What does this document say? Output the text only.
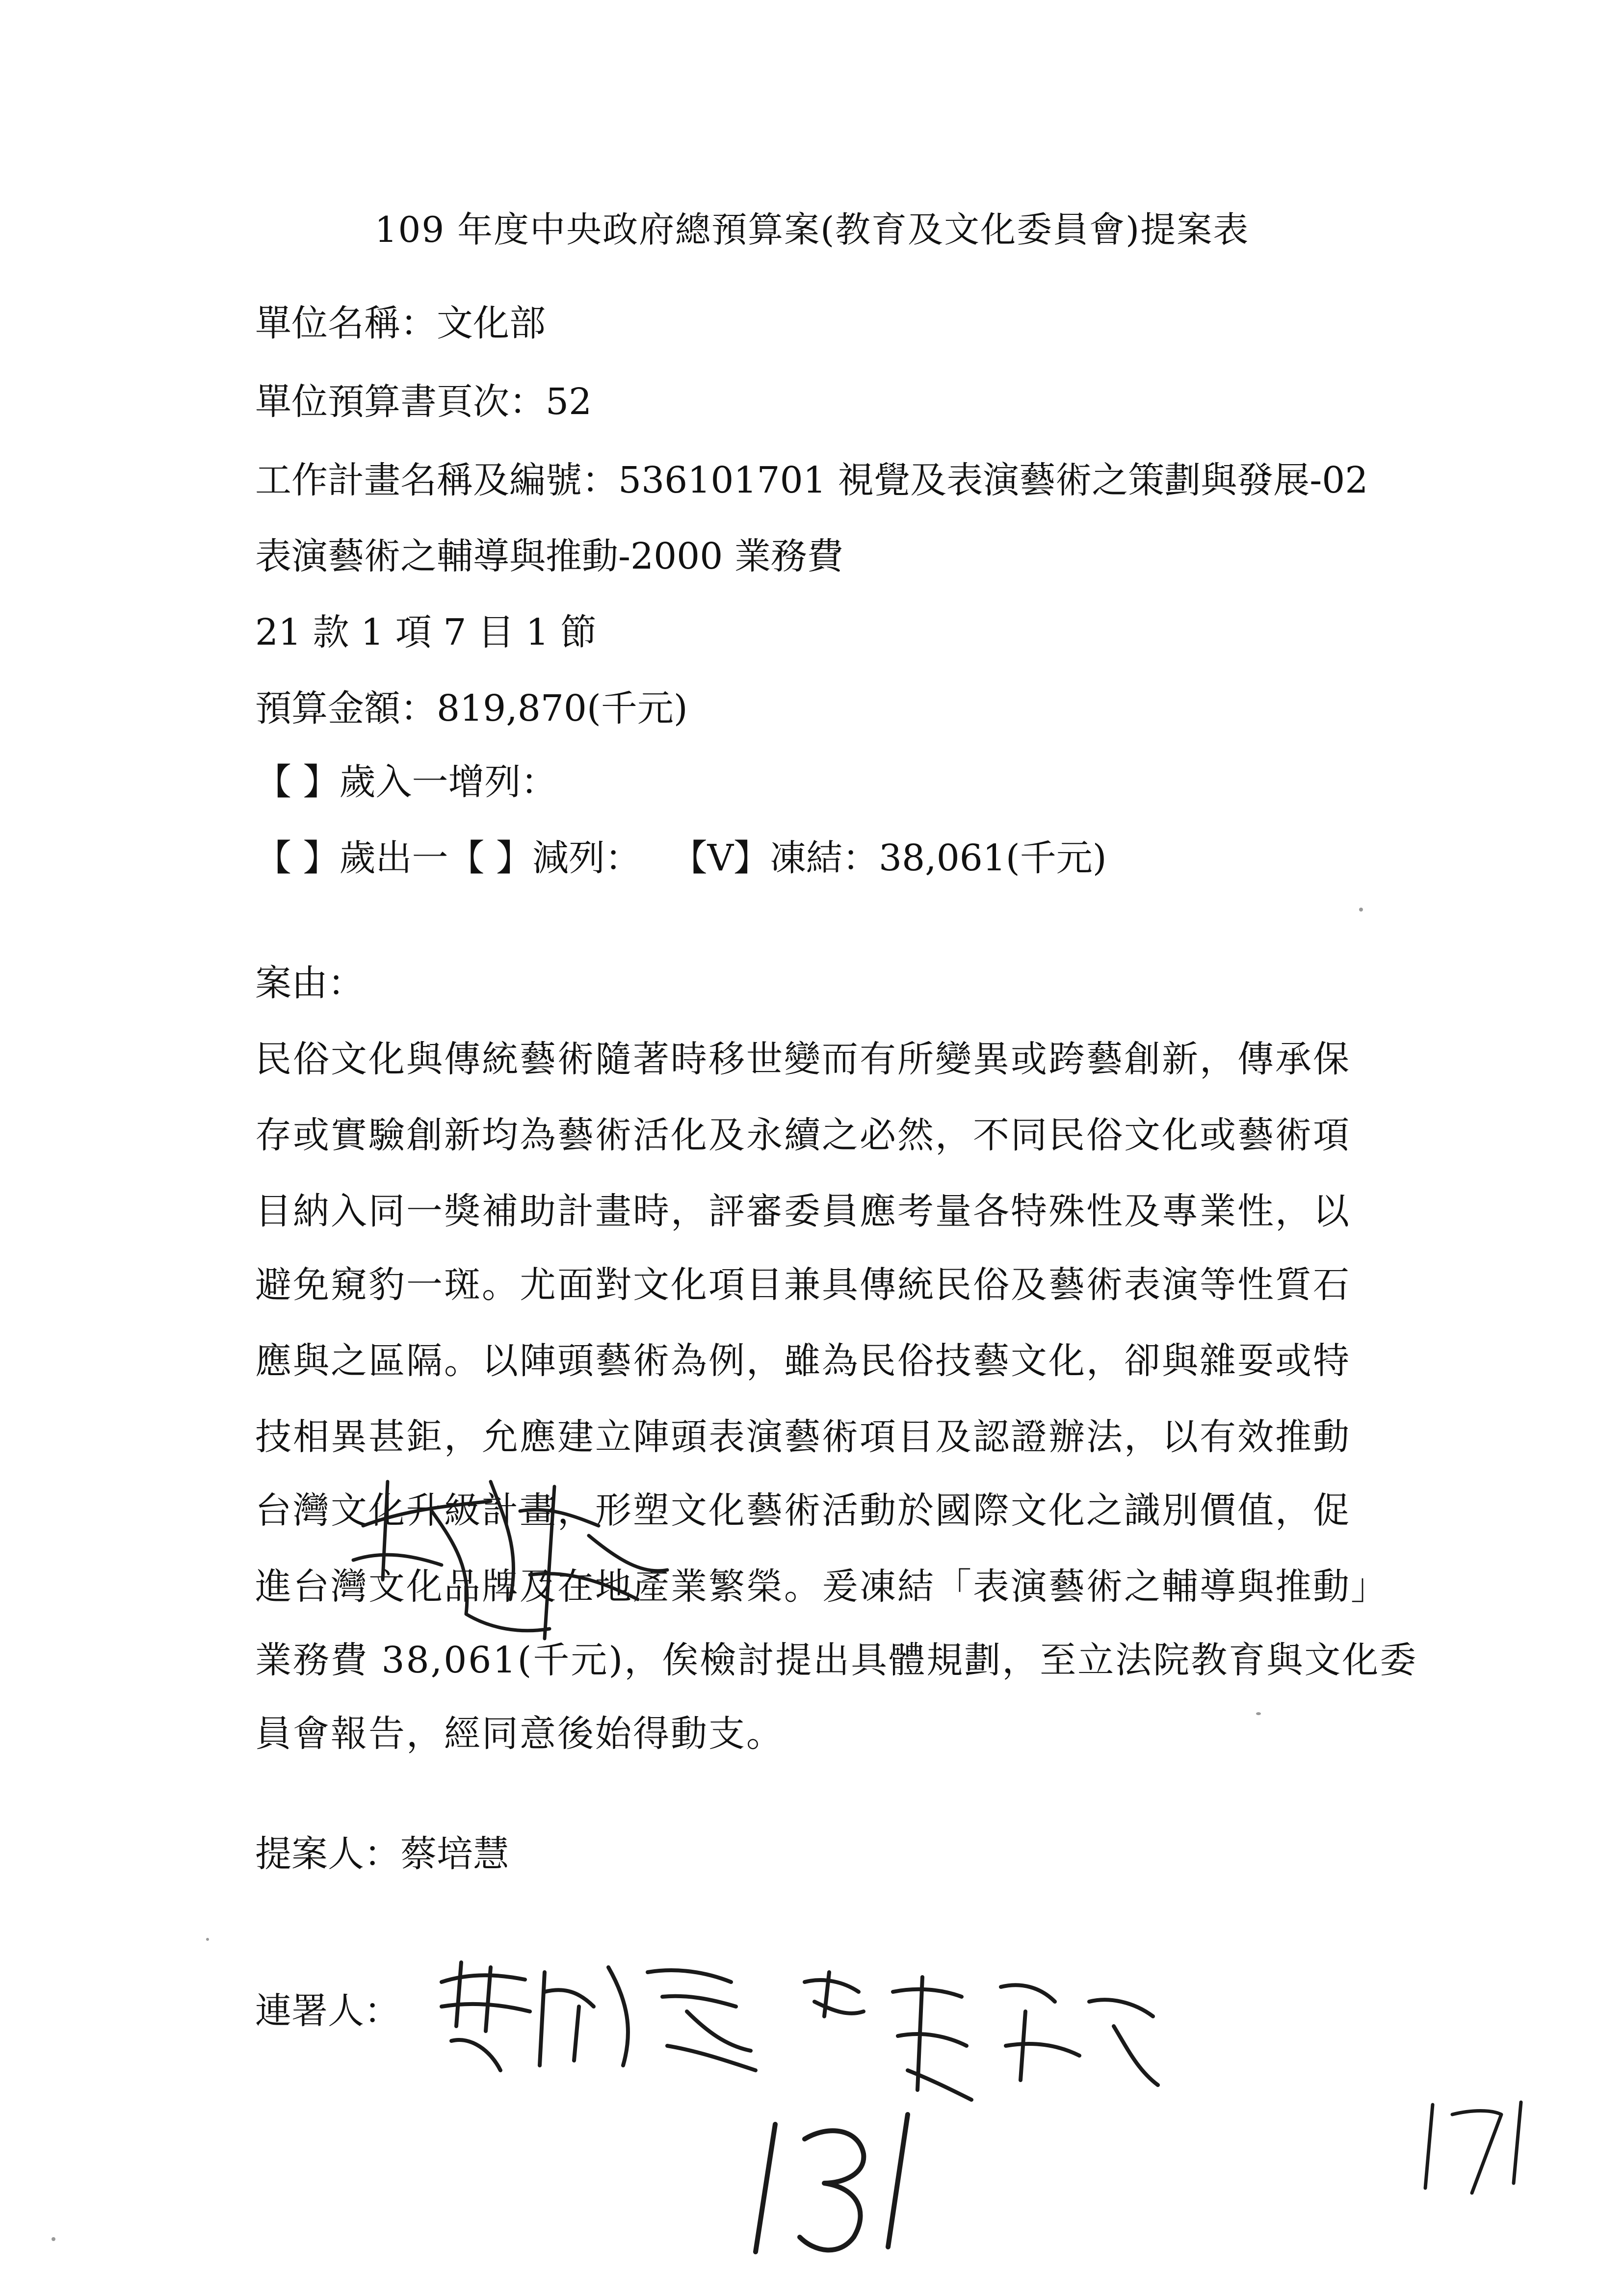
109 年度中央政府總預算案(教育及文化委員會)提案表
單位名稱：文化部
單位預算書頁次：52
工作計畫名稱及編號：536101701 視覺及表演藝術之策劃與發展-02
表演藝術之輔導與推動-2000 業務費
21 款 1 項 7 目 1 節
預算金額：819,870(千元)
【 】歲入一增列：
【 】歲出一【 】減列：　 【V】凍結：38,061(千元)
案由：
民俗文化與傳統藝術隨著時移世變而有所變異或跨藝創新，傳承保
存或實驗創新均為藝術活化及永續之必然，不同民俗文化或藝術項
目納入同一獎補助計畫時，評審委員應考量各特殊性及專業性，以
避免窺豹一斑。尤面對文化項目兼具傳統民俗及藝術表演等性質石
應與之區隔。以陣頭藝術為例，雖為民俗技藝文化，卻與雜耍或特
技相異甚鉅，允應建立陣頭表演藝術項目及認證辦法，以有效推動
台灣文化升級計畫，形塑文化藝術活動於國際文化之識別價值，促
進台灣文化品牌及在地產業繁榮。爰凍結「表演藝術之輔導與推動」
業務費 38,061(千元)，俟檢討提出具體規劃，至立法院教育與文化委
員會報告，經同意後始得動支。
提案人：蔡培慧
連署人：
